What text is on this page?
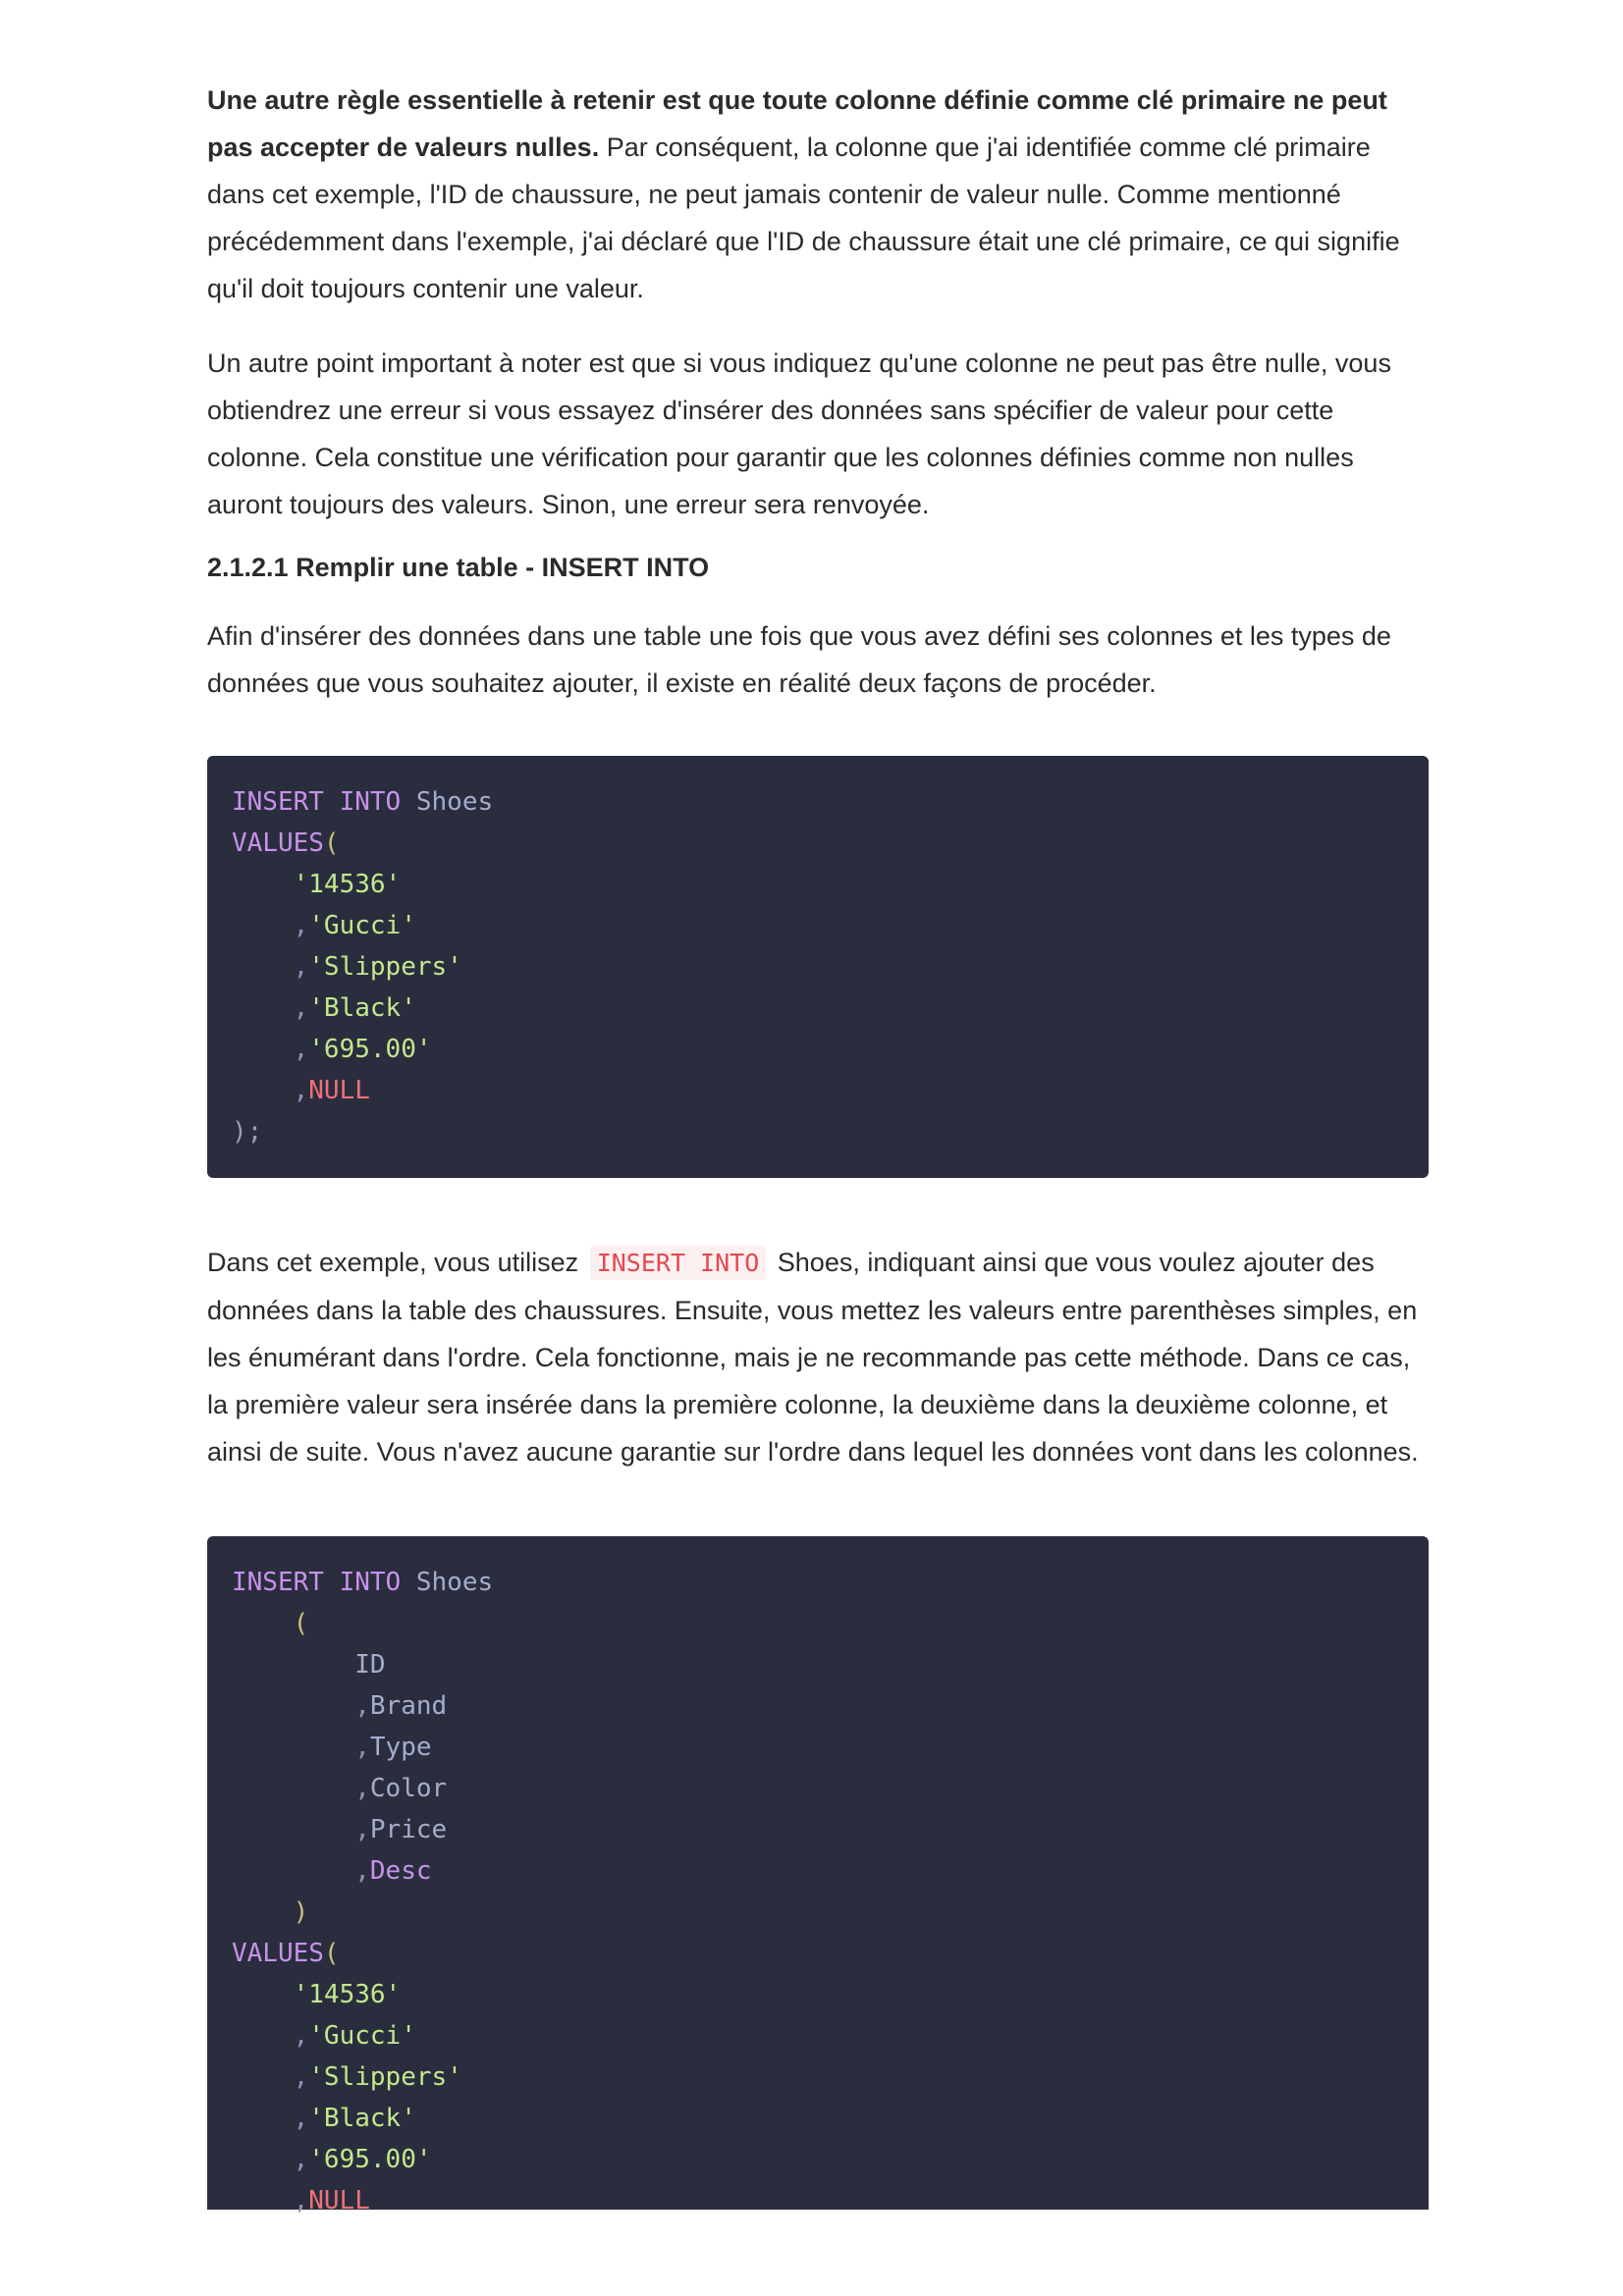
Une autre règle essentielle à retenir est que toute colonne définie comme clé primaire ne peut pas accepter de valeurs nulles. Par conséquent, la colonne que j'ai identifiée comme clé primaire dans cet exemple, l'ID de chaussure, ne peut jamais contenir de valeur nulle. Comme mentionné précédemment dans l'exemple, j'ai déclaré que l'ID de chaussure était une clé primaire, ce qui signifie qu'il doit toujours contenir une valeur.

Un autre point important à noter est que si vous indiquez qu'une colonne ne peut pas être nulle, vous obtiendrez une erreur si vous essayez d'insérer des données sans spécifier de valeur pour cette colonne. Cela constitue une vérification pour garantir que les colonnes définies comme non nulles auront toujours des valeurs. Sinon, une erreur sera renvoyée.

2.1.2.1 Remplir une table - INSERT INTO

Afin d'insérer des données dans une table une fois que vous avez défini ses colonnes et les types de données que vous souhaitez ajouter, il existe en réalité deux façons de procéder.

INSERT INTO Shoes
VALUES(
'14536'
,'Gucci'
,'Slippers'
,'Black'
,'695.00'
,NULL
);

Dans cet exemple, vous utilisez INSERT INTO Shoes, indiquant ainsi que vous voulez ajouter des données dans la table des chaussures. Ensuite, vous mettez les valeurs entre parenthèses simples, en les énumérant dans l'ordre. Cela fonctionne, mais je ne recommande pas cette méthode. Dans ce cas, la première valeur sera insérée dans la première colonne, la deuxième dans la deuxième colonne, et ainsi de suite. Vous n'avez aucune garantie sur l'ordre dans lequel les données vont dans les colonnes.

INSERT INTO Shoes
(
ID
,Brand
,Type
,Color
,Price
,Desc
)
VALUES(
'14536'
,'Gucci'
,'Slippers'
,'Black'
,'695.00'
,NULL
